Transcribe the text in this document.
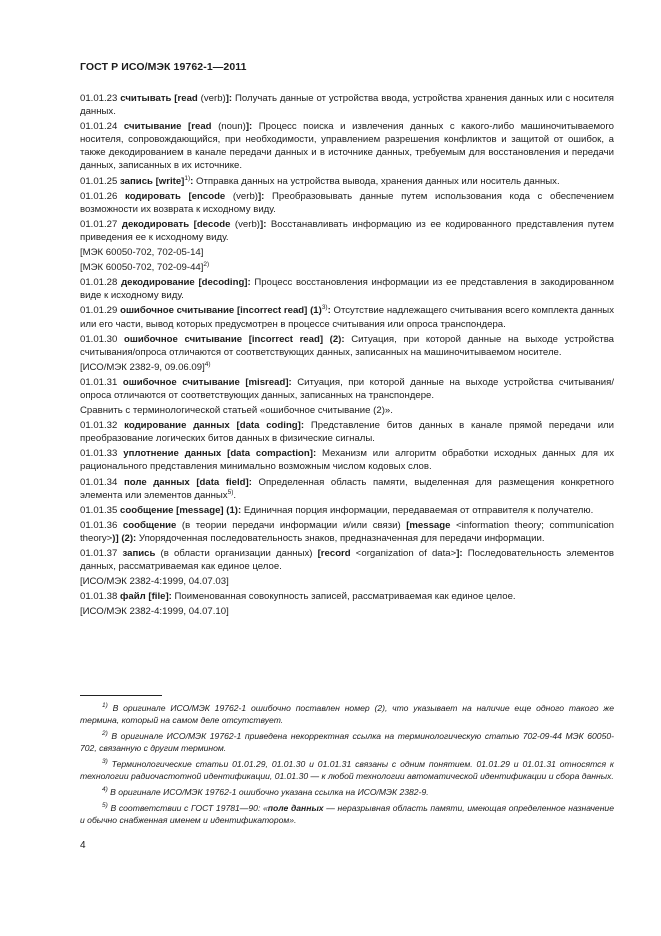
ГОСТ Р ИСО/МЭК 19762-1—2011

01.01.23 считывать [read (verb)]: Получать данные от устройства ввода, устройства хранения данных или с носителя данных.

01.01.24 считывание [read (noun)]: Процесс поиска и извлечения данных с какого-либо машиночитываемого носителя, сопровождающийся, при необходимости, управлением разрешения конфликтов и защитой от ошибок, а также декодированием в канале передачи данных и в источнике данных, требуемым для восстановления и передачи данных, записанных в их источнике.

01.01.25 запись [write]$^{1)}$: Отправка данных на устройства вывода, хранения данных или носитель данных.

01.01.26 кодировать [encode (verb)]: Преобразовывать данные путем использования кода с обеспечением возможности их возврата к исходному виду.

01.01.27 декодировать [decode (verb)]: Восстанавливать информацию из ее кодированного представления путем приведения ее к исходному виду.

[МЭК 60050-702, 702-05-14]

[МЭК 60050-702, 702-09-44]$^{2)}$

01.01.28 декодирование [decoding]: Процесс восстановления информации из ее представления в закодированном виде к исходному виду.

01.01.29 ошибочное считывание [incorrect read] $(1)^{3)}$: Отсутствие надлежащего считывания всего комплекта данных или его части, вывод которых предусмотрен в процессе считывания или опроса транспондера.

01.01.30 ошибочное считывание [incorrect read] (2): Ситуация, при которой данные на выходе устройства считывания/опроса отличаются от соответствующих данных, записанных на машиночитываемом носителе.

[ИСО/МЭК 2382-9, 09.06.09]$^{4)}$

01.01.31 ошибочное считывание [misread]: Ситуация, при которой данные на выходе устройства считывания/опроса отличаются от соответствующих данных, записанных на транспондере.

Сравнить с терминологической статьей «ошибочное считывание (2)».

01.01.32 кодирование данных [data coding]: Представление битов данных в канале прямой передачи или преобразование логических битов данных в физические сигналы.

01.01.33 уплотнение данных [data compaction]: Механизм или алгоритм обработки исходных данных для их рационального представления минимально возможным числом кодовых слов.

01.01.34 поле данных [data field]: Определенная область памяти, выделенная для размещения конкретного элемента или элементов данных$^{5)}$.

01.01.35 сообщение [message] (1): Единичная порция информации, передаваемая от отправителя к получателю.

01.01.36 сообщение (в теории передачи информации и/или связи) [message <information theory; communication theory>)] (2): Упорядоченная последовательность знаков, предназначенная для передачи информации.

01.01.37 запись (в области организации данных) [record <organization of data>]: Последовательность элементов данных, рассматриваемая как единое целое.

[ИСО/МЭК 2382-4:1999, 04.07.03]

01.01.38 файл [file]: Поименованная совокупность записей, рассматриваемая как единое целое.

[ИСО/МЭК 2382-4:1999, 04.07.10]

$^{1)}$ В оригинале ИСО/МЭК 19762-1 ошибочно поставлен номер (2), что указывает на наличие еще одного такого же термина, который на самом деле отсутствует.

$^{2)}$ В оригинале ИСО/МЭК 19762-1 приведена некорректная ссылка на терминологическую статью 702-09-44 МЭК 60050-702, связанную с другим термином.

$^{3)}$ Терминологические статьи 01.01.29, 01.01.30 и 01.01.31 связаны с одним понятием. 01.01.29 и 01.01.31 относятся к технологии радиочастотной идентификации, 01.01.30 — к любой технологии автоматической идентификации и сбора данных.

$^{4)}$ В оригинале ИСО/МЭК 19762-1 ошибочно указана ссылка на ИСО/МЭК 2382-9.

$^{5)}$ В соответствии с ГОСТ 19781—90: «поле данных — неразрывная область памяти, имеющая определенное назначение и обычно снабженная именем и идентификатором».

4
